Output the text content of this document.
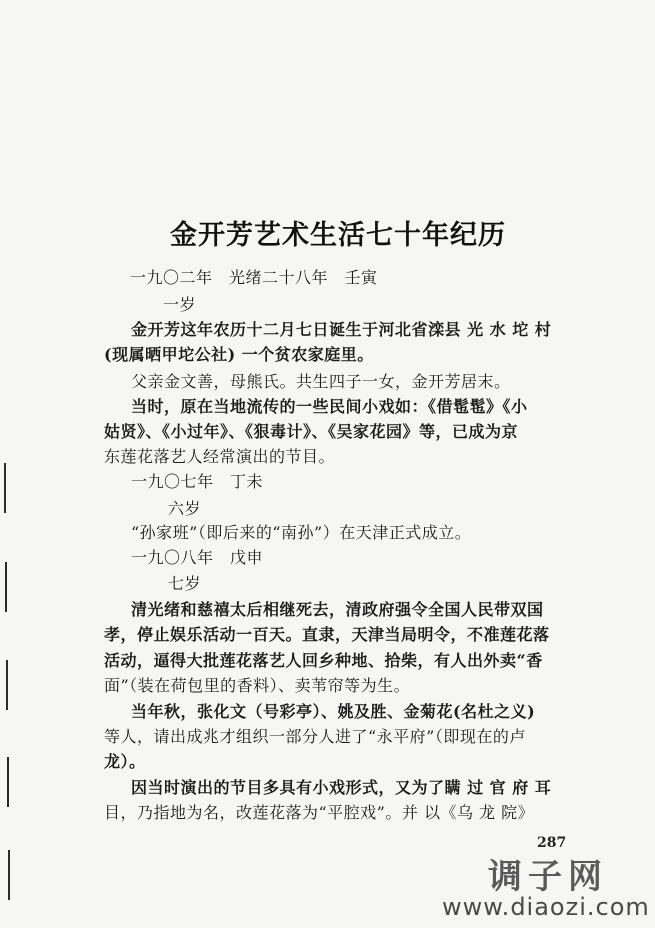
金开芳艺术生活七十年纪历
一九〇二年　光绪二十八年　壬寅
一岁
金开芳这年农历十二月七日诞生于河北省滦县 光 水 坨 村
(现属晒甲坨公社) 一个贫农家庭里。
父亲金文善，母熊氏。共生四子一女，金开芳居末。
当时，原在当地流传的一些民间小戏如：《借髢髢》《小
姑贤》、《小过年》、《狠毒计》、《吴家花园》等，已成为京
东莲花落艺人经常演出的节目。
一九〇七年　丁未
六岁
“孙家班”（即后来的“南孙”）在天津正式成立。
一九〇八年　戊申
七岁
清光绪和慈禧太后相继死去，清政府强令全国人民带双国
孝，停止娱乐活动一百天。直隶，天津当局明令，不准莲花落
活动，逼得大批莲花落艺人回乡种地、拾柴，有人出外卖“香
面”（装在荷包里的香料）、卖苇帘等为生。
当年秋，张化文（号彩亭）、姚及胜、金菊花(名杜之义)
等人，请出成兆才组织一部分人进了“永平府”（即现在的卢
龙）。
因当时演出的节目多具有小戏形式，又为了瞒 过 官 府 耳
目，乃指地为名，改莲花落为“平腔戏”。并 以《乌 龙 院》
287
调子网
www.diaozi.com
